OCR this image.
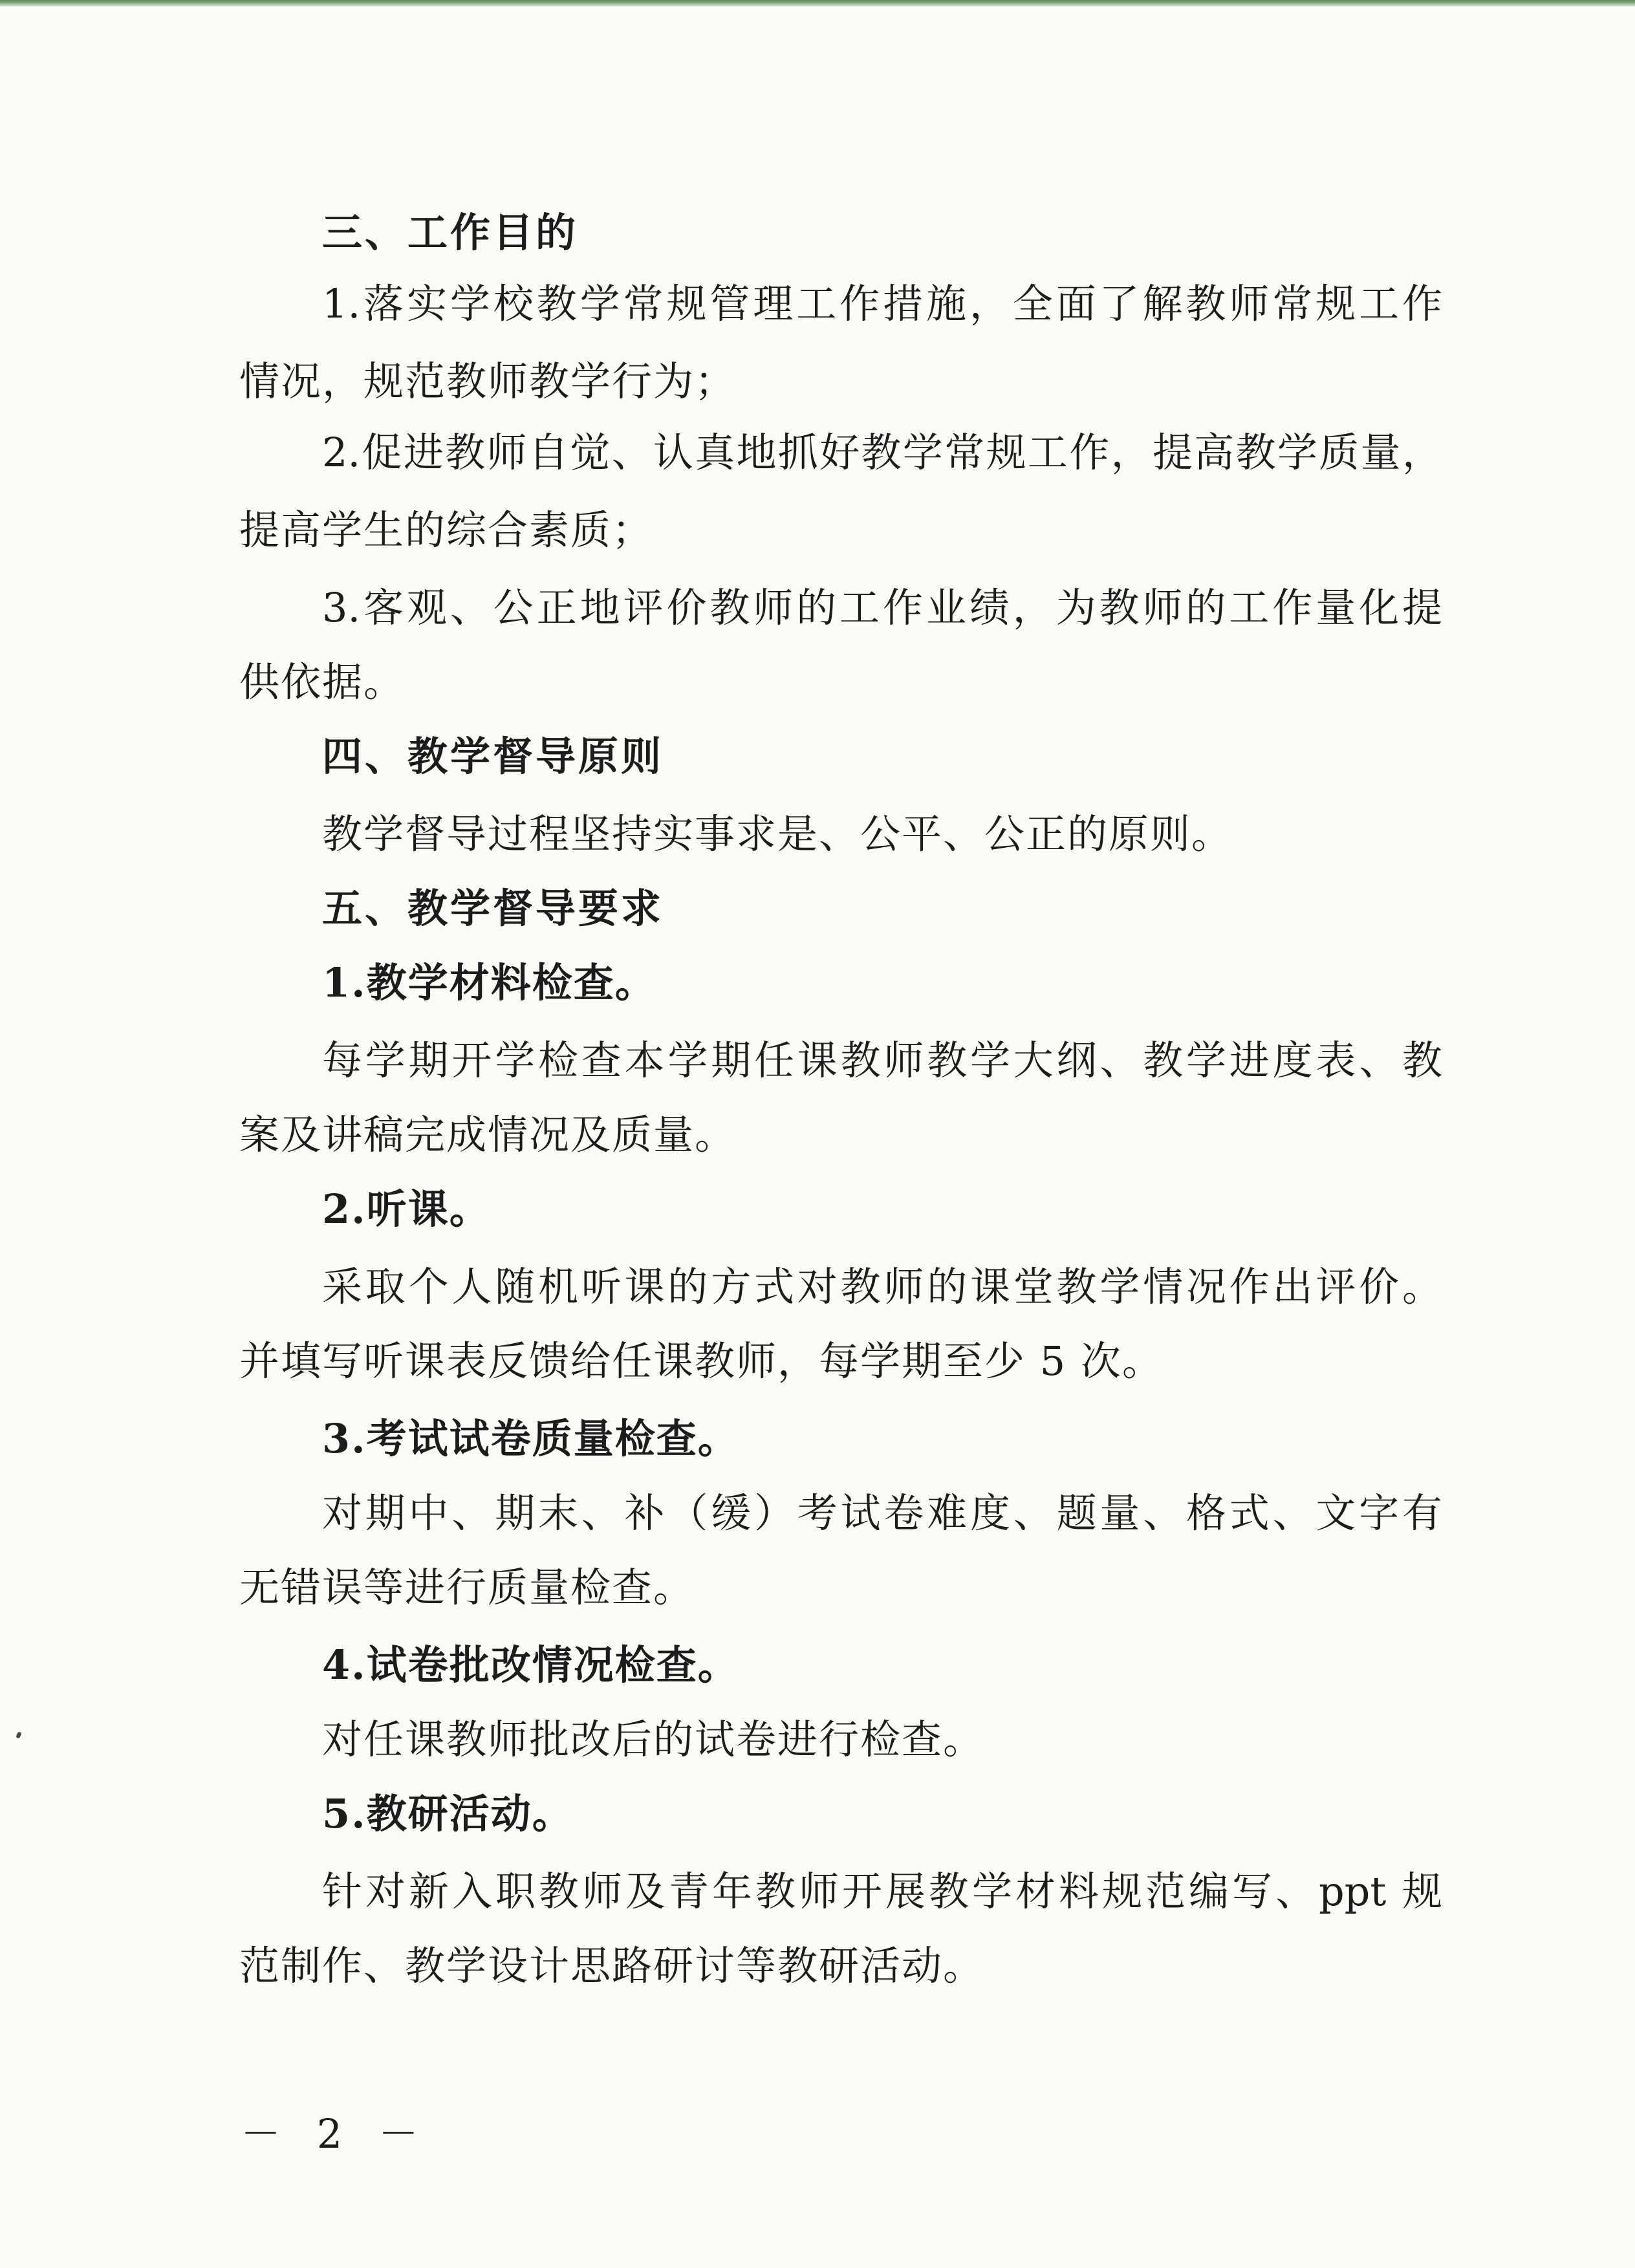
三、工作目的
1.落实学校教学常规管理工作措施，全面了解教师常规工作
情况，规范教师教学行为；
2.促进教师自觉、认真地抓好教学常规工作，提高教学质量，
提高学生的综合素质；
3.客观、公正地评价教师的工作业绩，为教师的工作量化提
供依据。
四、教学督导原则
教学督导过程坚持实事求是、公平、公正的原则。
五、教学督导要求
1.教学材料检查。
每学期开学检查本学期任课教师教学大纲、教学进度表、教
案及讲稿完成情况及质量。
2.听课。
采取个人随机听课的方式对教师的课堂教学情况作出评价。
并填写听课表反馈给任课教师，每学期至少 5 次。
3.考试试卷质量检查。
对期中、期末、补（缓）考试卷难度、题量、格式、文字有
无错误等进行质量检查。
4.试卷批改情况检查。
对任课教师批改后的试卷进行检查。
5.教研活动。
针对新入职教师及青年教师开展教学材料规范编写、ppt 规
范制作、教学设计思路研讨等教研活动。
－ 2 －
